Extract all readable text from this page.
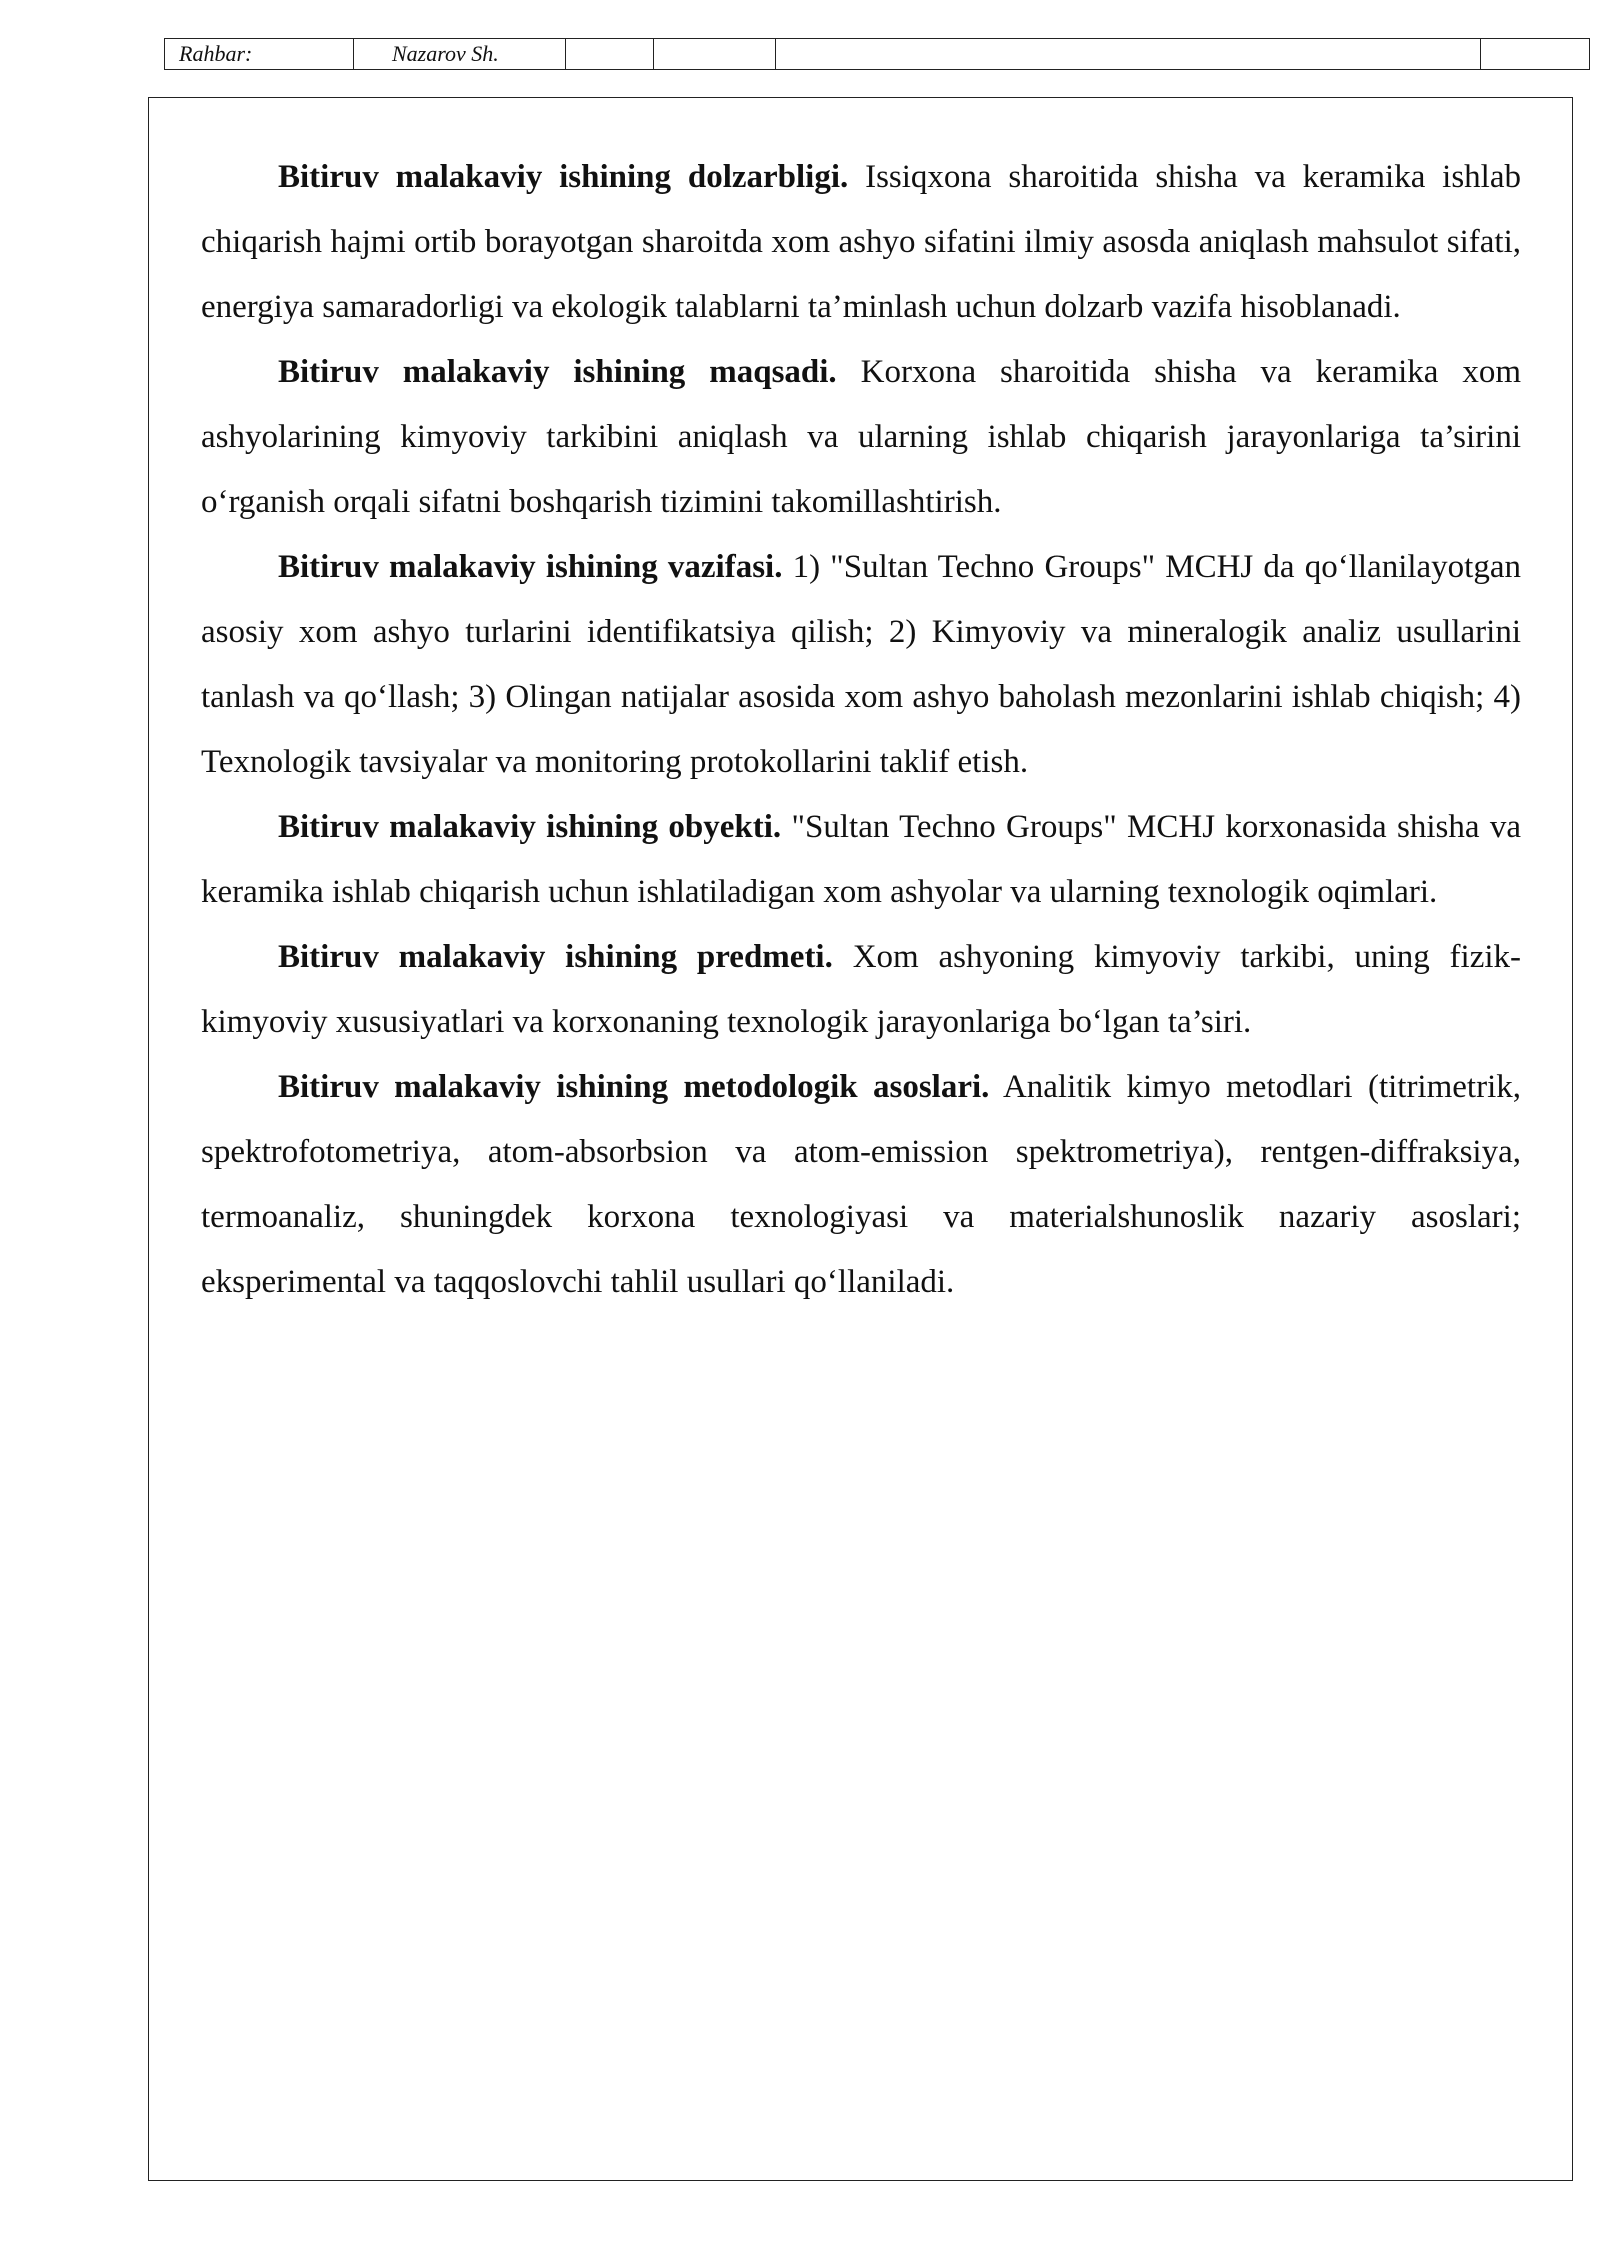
Rahbar:	Nazarov Sh.				

Bitiruv malakaviy ishining dolzarbligi. Issiqxona sharoitida shisha va keramika ishlab chiqarish hajmi ortib borayotgan sharoitda xom ashyo sifatini ilmiy asosda aniqlash mahsulot sifati, energiya samaradorligi va ekologik talablarni ta’minlash uchun dolzarb vazifa hisoblanadi.

Bitiruv malakaviy ishining maqsadi. Korxona sharoitida shisha va keramika xom ashyolarining kimyoviy tarkibini aniqlash va ularning ishlab chiqarish jarayonlariga ta’sirini o‘rganish orqali sifatni boshqarish tizimini takomillashtirish.

Bitiruv malakaviy ishining vazifasi. 1) "Sultan Techno Groups" MCHJ da qo‘llanilayotgan asosiy xom ashyo turlarini identifikatsiya qilish; 2) Kimyoviy va mineralogik analiz usullarini tanlash va qo‘llash; 3) Olingan natijalar asosida xom ashyo baholash mezonlarini ishlab chiqish; 4) Texnologik tavsiyalar va monitoring protokollarini taklif etish.

Bitiruv malakaviy ishining obyekti. "Sultan Techno Groups" MCHJ korxonasida shisha va keramika ishlab chiqarish uchun ishlatiladigan xom ashyolar va ularning texnologik oqimlari.

Bitiruv malakaviy ishining predmeti. Xom ashyoning kimyoviy tarkibi, uning fizik-kimyoviy xususiyatlari va korxonaning texnologik jarayonlariga bo‘lgan ta’siri.

Bitiruv malakaviy ishining metodologik asoslari. Analitik kimyo metodlari (titrimetrik, spektrofotometriya, atom-absorbsion va atom-emission spektrometriya), rentgen-diffraksiya, termoanaliz, shuningdek korxona texnologiyasi va materialshunoslik nazariy asoslari; eksperimental va taqqoslovchi tahlil usullari qo‘llaniladi.
